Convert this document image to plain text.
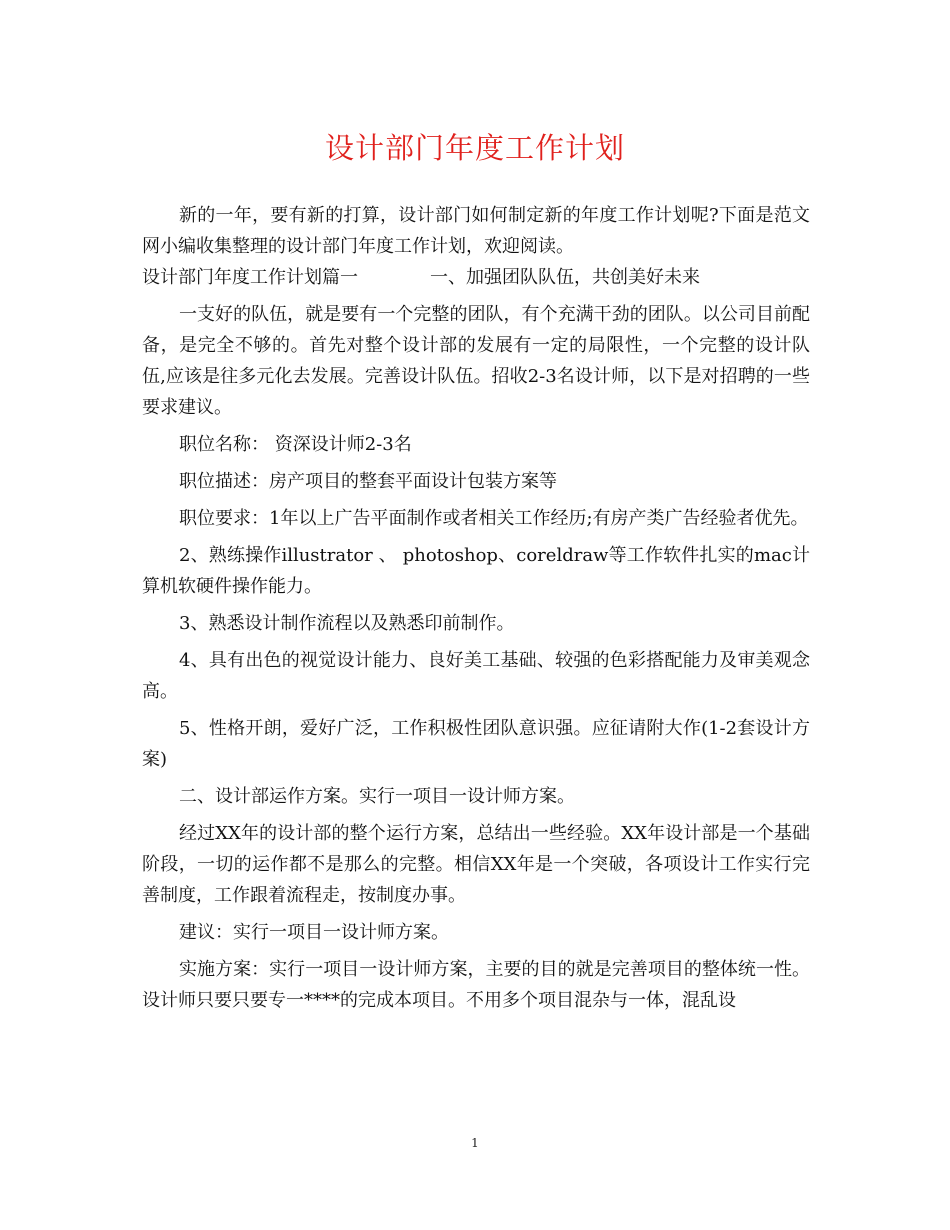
设计部门年度工作计划

新的一年，要有新的打算，设计部门如何制定新的年度工作计划呢?下面是范文网小编收集整理的设计部门年度工作计划，欢迎阅读。

设计部门年度工作计划篇一　　　　一、加强团队队伍，共创美好未来

一支好的队伍，就是要有一个完整的团队，有个充满干劲的团队。以公司目前配备，是完全不够的。首先对整个设计部的发展有一定的局限性，一个完整的设计队伍,应该是往多元化去发展。完善设计队伍。招收2-3名设计师，以下是对招聘的一些要求建议。

职位名称： 资深设计师2-3名

职位描述：房产项目的整套平面设计包装方案等

职位要求：1年以上广告平面制作或者相关工作经历;有房产类广告经验者优先。

2、熟练操作illustrator 、 photoshop、coreldraw等工作软件扎实的mac计算机软硬件操作能力。

3、熟悉设计制作流程以及熟悉印前制作。

4、具有出色的视觉设计能力、良好美工基础、较强的色彩搭配能力及审美观念高。

5、性格开朗，爱好广泛，工作积极性团队意识强。应征请附大作(1-2套设计方案)

二、设计部运作方案。实行一项目一设计师方案。

经过XX年的设计部的整个运行方案，总结出一些经验。XX年设计部是一个基础阶段，一切的运作都不是那么的完整。相信XX年是一个突破，各项设计工作实行完善制度，工作跟着流程走，按制度办事。

建议：实行一项目一设计师方案。

实施方案：实行一项目一设计师方案，主要的目的就是完善项目的整体统一性。设计师只要只要专一****的完成本项目。不用多个项目混杂与一体，混乱设

1
